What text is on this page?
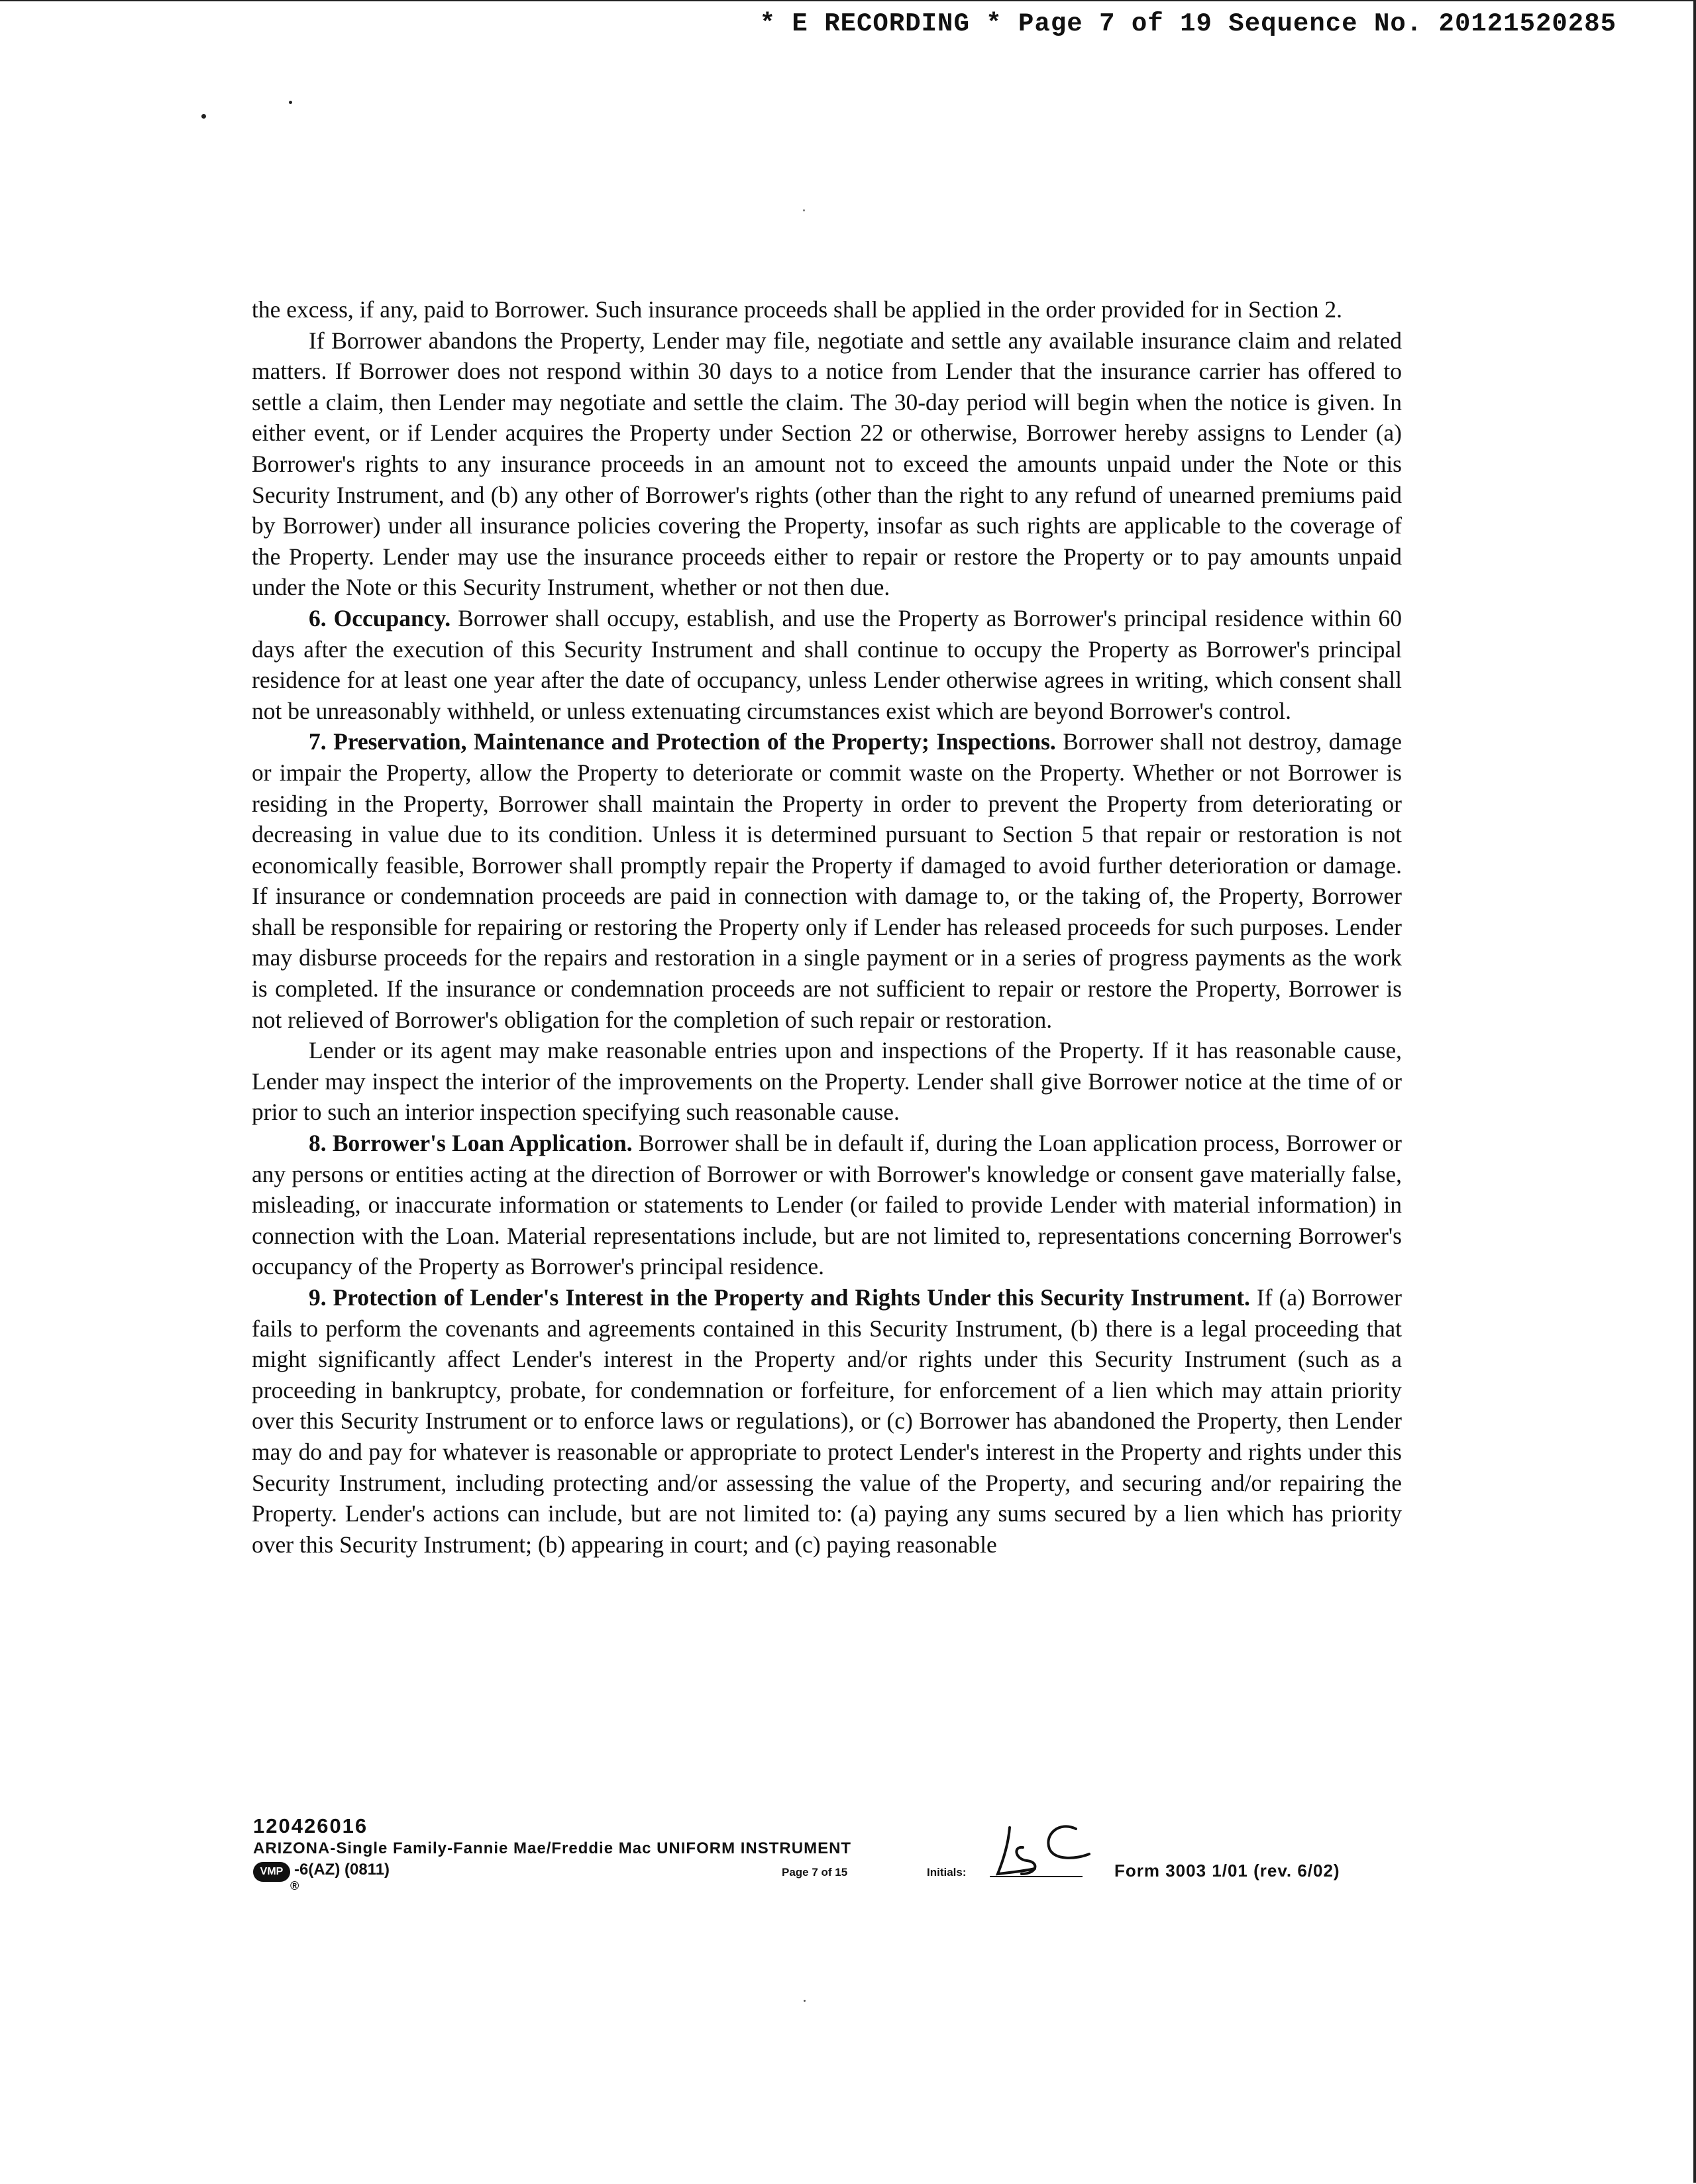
* E RECORDING * Page 7 of 19 Sequence No. 20121520285

the excess, if any, paid to Borrower. Such insurance proceeds shall be applied in the order provided for in Section 2.

If Borrower abandons the Property, Lender may file, negotiate and settle any available insurance claim and related matters. If Borrower does not respond within 30 days to a notice from Lender that the insurance carrier has offered to settle a claim, then Lender may negotiate and settle the claim. The 30-day period will begin when the notice is given. In either event, or if Lender acquires the Property under Section 22 or otherwise, Borrower hereby assigns to Lender (a) Borrower's rights to any insurance proceeds in an amount not to exceed the amounts unpaid under the Note or this Security Instrument, and (b) any other of Borrower's rights (other than the right to any refund of unearned premiums paid by Borrower) under all insurance policies covering the Property, insofar as such rights are applicable to the coverage of the Property. Lender may use the insurance proceeds either to repair or restore the Property or to pay amounts unpaid under the Note or this Security Instrument, whether or not then due.

6. Occupancy. Borrower shall occupy, establish, and use the Property as Borrower's principal residence within 60 days after the execution of this Security Instrument and shall continue to occupy the Property as Borrower's principal residence for at least one year after the date of occupancy, unless Lender otherwise agrees in writing, which consent shall not be unreasonably withheld, or unless extenuating circumstances exist which are beyond Borrower's control.

7. Preservation, Maintenance and Protection of the Property; Inspections. Borrower shall not destroy, damage or impair the Property, allow the Property to deteriorate or commit waste on the Property. Whether or not Borrower is residing in the Property, Borrower shall maintain the Property in order to prevent the Property from deteriorating or decreasing in value due to its condition. Unless it is determined pursuant to Section 5 that repair or restoration is not economically feasible, Borrower shall promptly repair the Property if damaged to avoid further deterioration or damage. If insurance or condemnation proceeds are paid in connection with damage to, or the taking of, the Property, Borrower shall be responsible for repairing or restoring the Property only if Lender has released proceeds for such purposes. Lender may disburse proceeds for the repairs and restoration in a single payment or in a series of progress payments as the work is completed. If the insurance or condemnation proceeds are not sufficient to repair or restore the Property, Borrower is not relieved of Borrower's obligation for the completion of such repair or restoration.

Lender or its agent may make reasonable entries upon and inspections of the Property. If it has reasonable cause, Lender may inspect the interior of the improvements on the Property. Lender shall give Borrower notice at the time of or prior to such an interior inspection specifying such reasonable cause.

8. Borrower's Loan Application. Borrower shall be in default if, during the Loan application process, Borrower or any persons or entities acting at the direction of Borrower or with Borrower's knowledge or consent gave materially false, misleading, or inaccurate information or statements to Lender (or failed to provide Lender with material information) in connection with the Loan. Material representations include, but are not limited to, representations concerning Borrower's occupancy of the Property as Borrower's principal residence.

9. Protection of Lender's Interest in the Property and Rights Under this Security Instrument. If (a) Borrower fails to perform the covenants and agreements contained in this Security Instrument, (b) there is a legal proceeding that might significantly affect Lender's interest in the Property and/or rights under this Security Instrument (such as a proceeding in bankruptcy, probate, for condemnation or forfeiture, for enforcement of a lien which may attain priority over this Security Instrument or to enforce laws or regulations), or (c) Borrower has abandoned the Property, then Lender may do and pay for whatever is reasonable or appropriate to protect Lender's interest in the Property and rights under this Security Instrument, including protecting and/or assessing the value of the Property, and securing and/or repairing the Property. Lender's actions can include, but are not limited to: (a) paying any sums secured by a lien which has priority over this Security Instrument; (b) appearing in court; and (c) paying reasonable

120426016
ARIZONA-Single Family-Fannie Mae/Freddie Mac UNIFORM INSTRUMENT
VMP
®
-6(AZ) (0811)	Page 7 of 15	Initials:	Form 3003 1/01 (rev. 6/02)
